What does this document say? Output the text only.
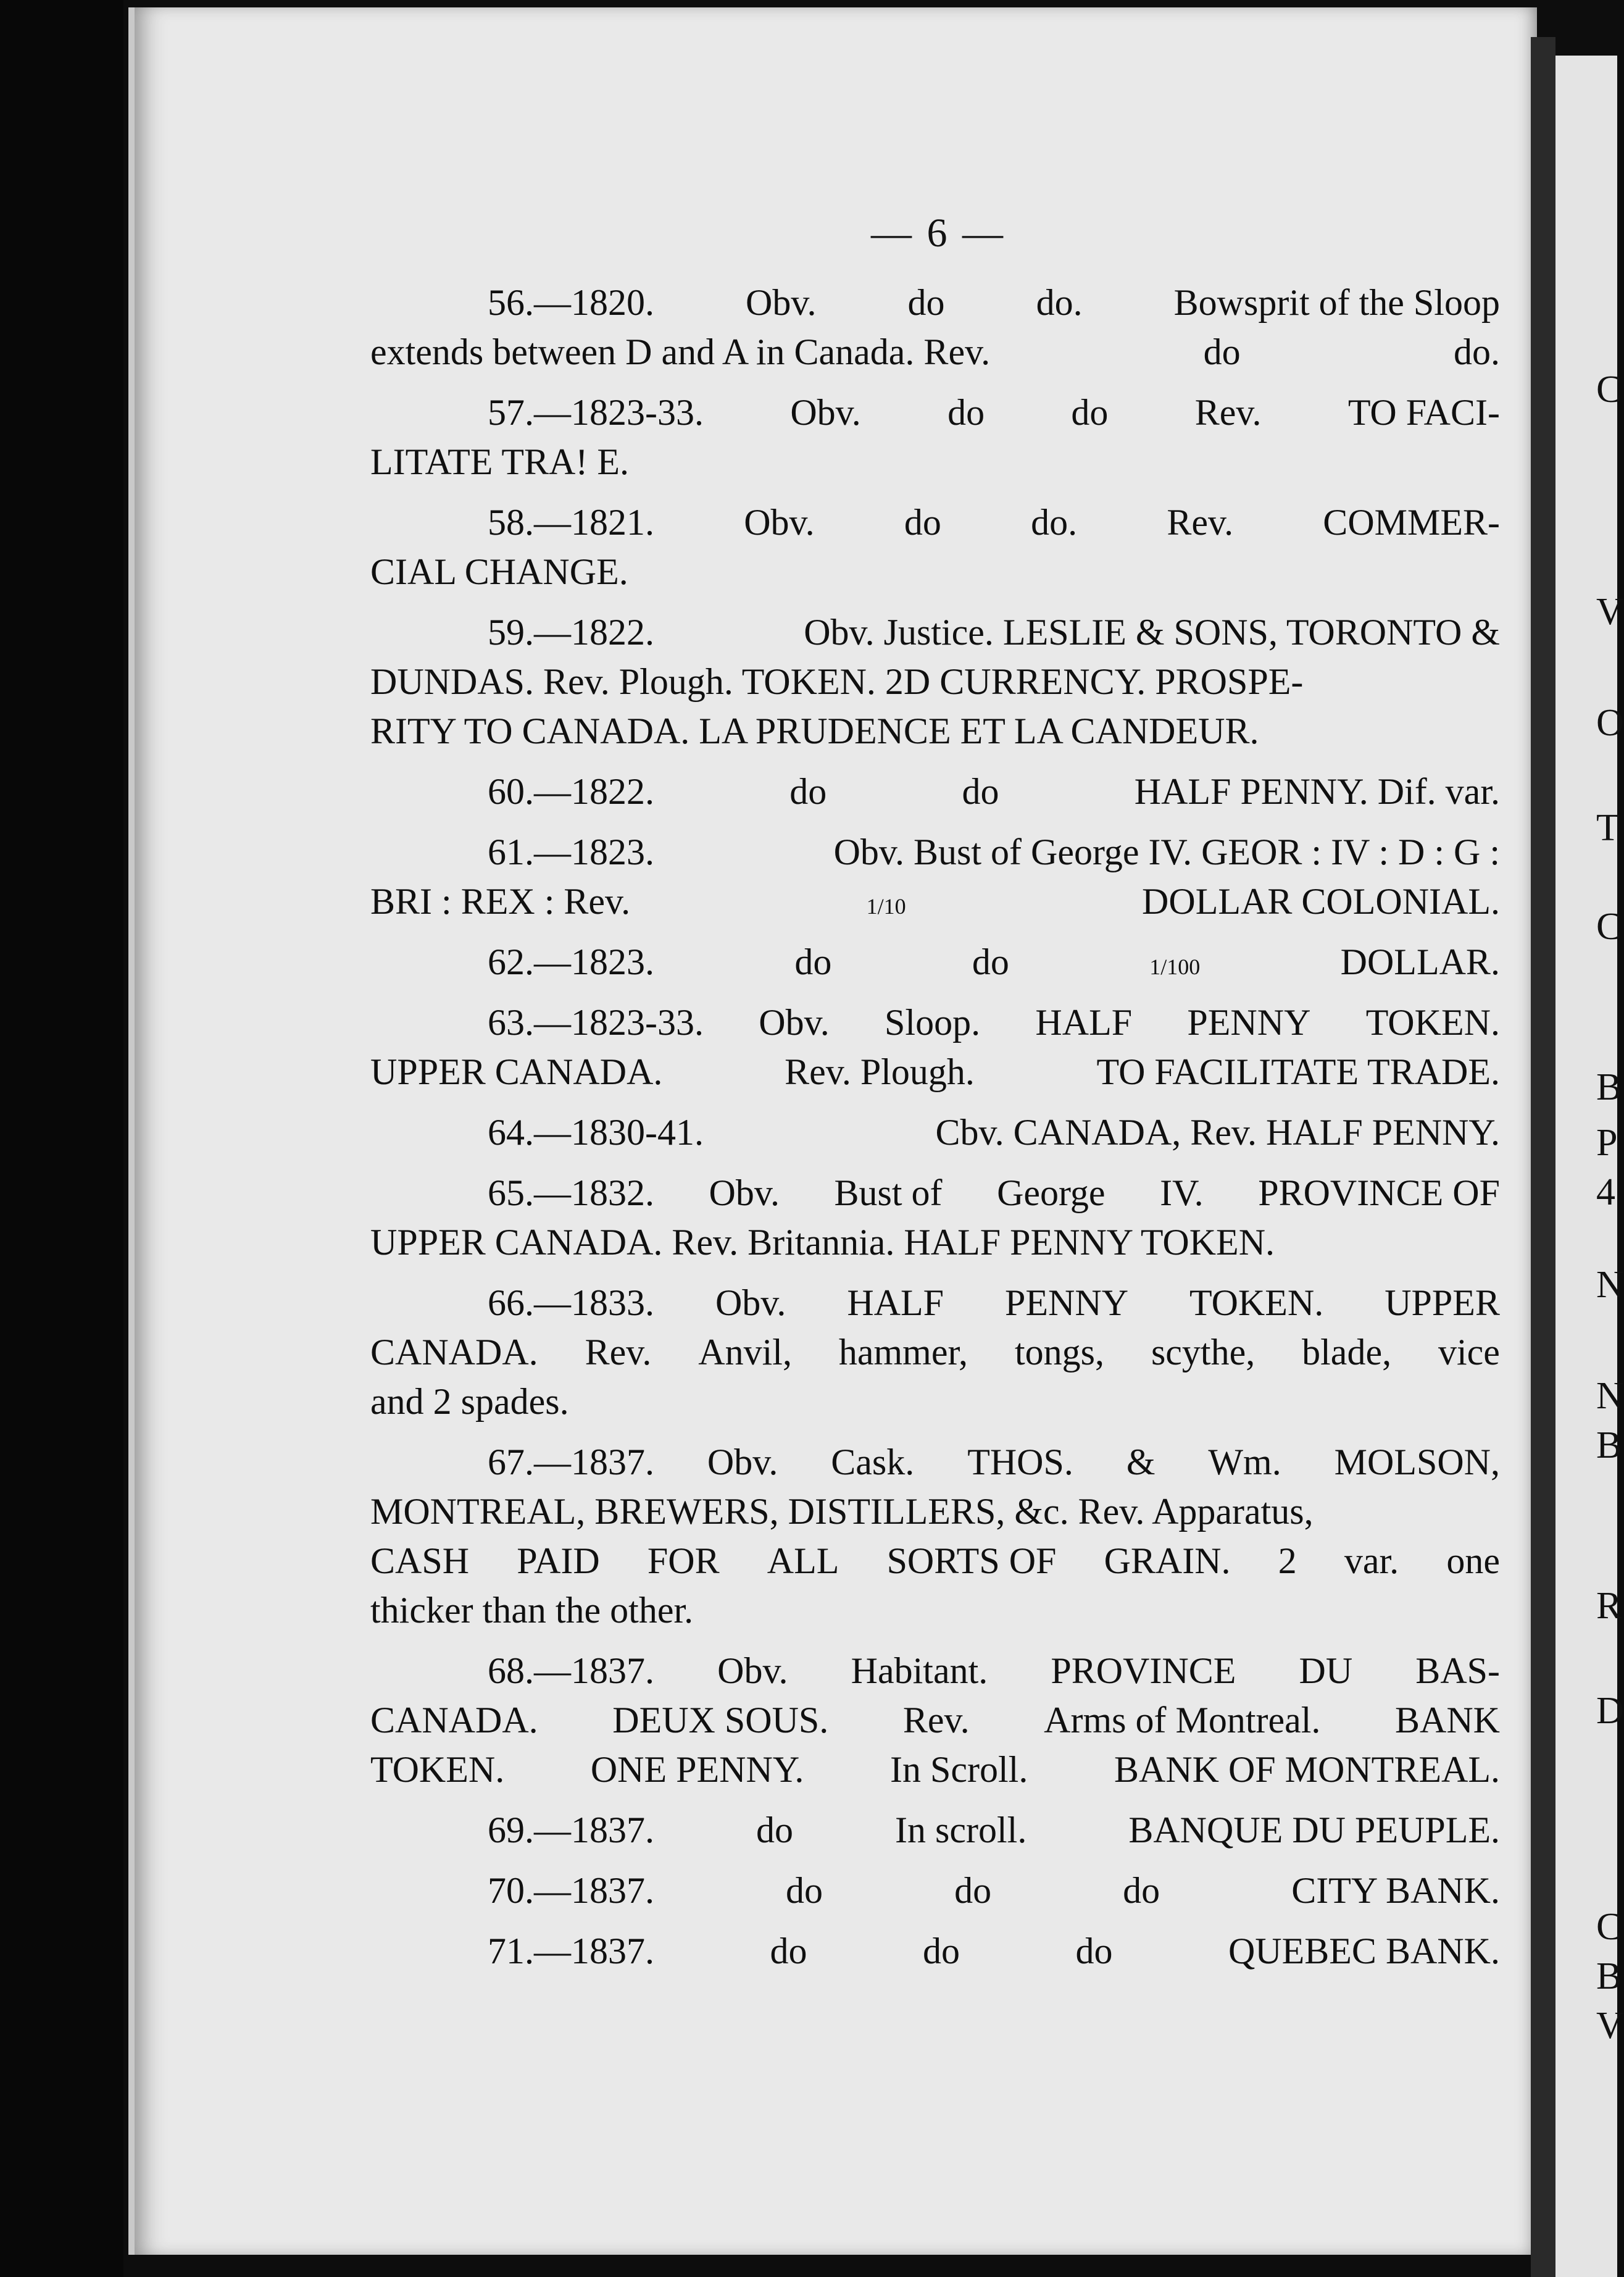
— 6 —
56.—1820. Obv. do do. Bowsprit of the Sloop
extends between D and A in Canada. Rev.	do	do.
57.—1823-33. Obv. do do Rev. TO FACI-
LITATE TRA! E.
58.—1821. Obv. do do. Rev. COMMER-
CIAL CHANGE.
59.—1822.	Obv. Justice. LESLIE & SONS, TORONTO &
DUNDAS. Rev. Plough. TOKEN. 2D CURRENCY. PROSPE-
RITY TO CANADA. LA PRUDENCE ET LA CANDEUR.
60.—1822.	do	do	HALF PENNY. Dif. var.
61.—1823.	Obv. Bust of George IV. GEOR : IV : D : G :
BRI : REX : Rev.	1/10	DOLLAR COLONIAL.
62.—1823.	do	do	1/100	DOLLAR.
63.—1823-33. Obv. Sloop. HALF PENNY TOKEN.
UPPER CANADA.	Rev. Plough.	TO FACILITATE TRADE.
64.—1830-41.	Cbv. CANADA, Rev. HALF PENNY.
65.—1832. Obv. Bust of George IV. PROVINCE OF
UPPER CANADA. Rev. Britannia. HALF PENNY TOKEN.
66.—1833. Obv. HALF PENNY TOKEN. UPPER
CANADA. Rev. Anvil, hammer, tongs, scythe, blade, vice
and 2 spades.
67.—1837. Obv. Cask. THOS. & Wm. MOLSON,
MONTREAL, BREWERS, DISTILLERS, &c. Rev. Apparatus,
CASH PAID FOR ALL SORTS OF GRAIN. 2 var. one
thicker than the other.
68.—1837. Obv. Habitant. PROVINCE DU BAS-
CANADA. DEUX SOUS. Rev. Arms of Montreal. BANK
TOKEN. ONE PENNY. In Scroll. BANK OF MONTREAL.
69.—1837.	do	In scroll.	BANQUE DU PEUPLE.
70.—1837.	do	do	do	CITY BANK.
71.—1837.	do	do	do	QUEBEC BANK.
C
V
O
T
C
B
P
4
N
N
B
R
D
C
B
V
